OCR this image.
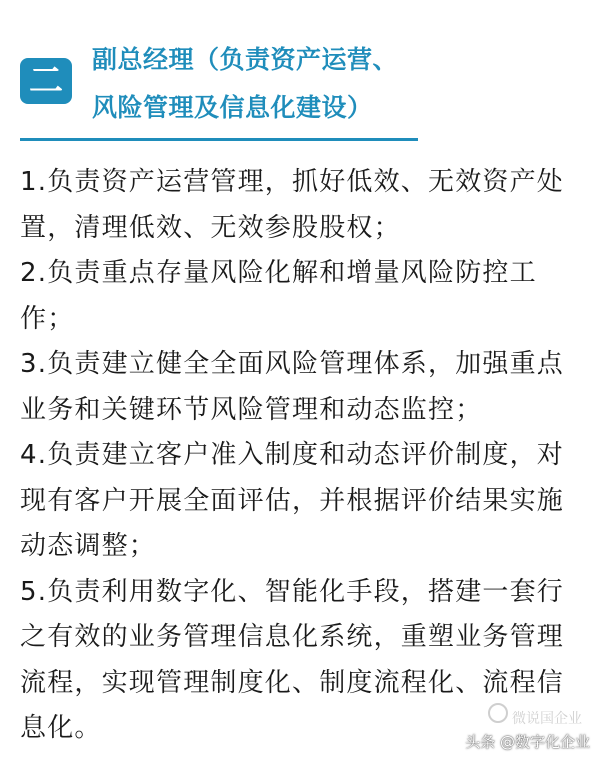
二
副总经理（负责资产运营、
风险管理及信息化建设）

1.负责资产运营管理，抓好低效、无效资产处置，清理低效、无效参股股权；

2.负责重点存量风险化解和增量风险防控工作；

3.负责建立健全全面风险管理体系，加强重点业务和关键环节风险管理和动态监控；

4.负责建立客户准入制度和动态评价制度，对现有客户开展全面评估，并根据评价结果实施动态调整；

5.负责利用数字化、智能化手段，搭建一套行之有效的业务管理信息化系统，重塑业务管理流程，实现管理制度化、制度流程化、流程信息化。	微说国企业
头条 @数字化企业
